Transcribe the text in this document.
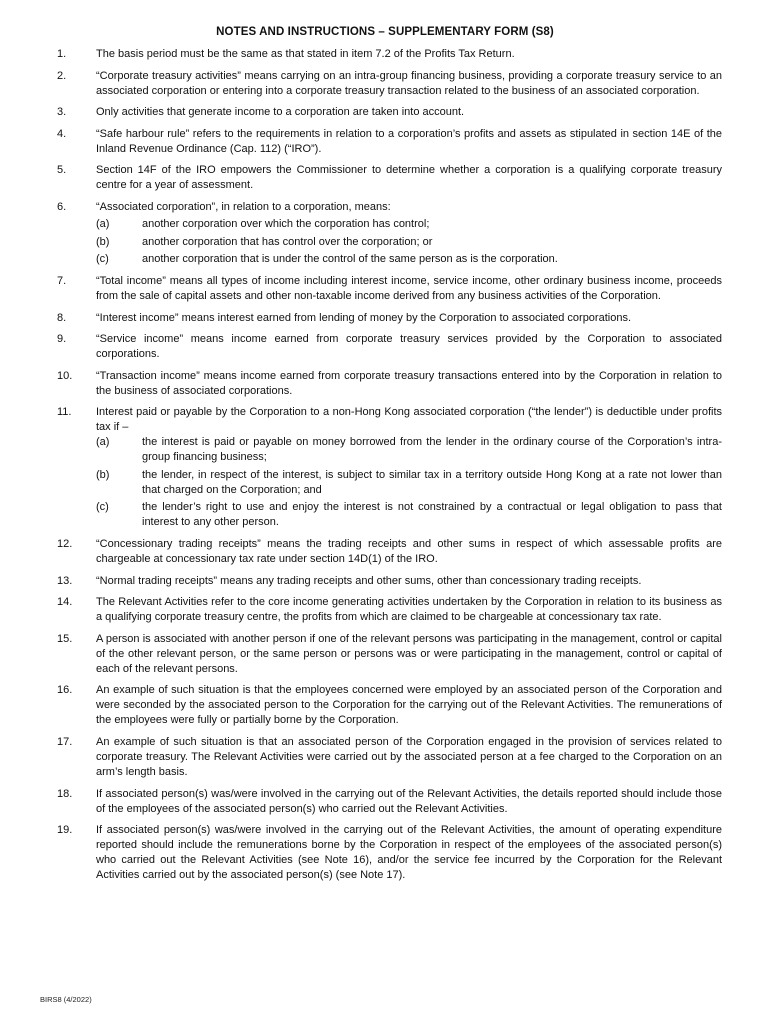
NOTES AND INSTRUCTIONS – SUPPLEMENTARY FORM (S8)
1.	The basis period must be the same as that stated in item 7.2 of the Profits Tax Return.
2.	“Corporate treasury activities” means carrying on an intra-group financing business, providing a corporate treasury service to an associated corporation or entering into a corporate treasury transaction related to the business of an associated corporation.
3.	Only activities that generate income to a corporation are taken into account.
4.	“Safe harbour rule” refers to the requirements in relation to a corporation’s profits and assets as stipulated in section 14E of the Inland Revenue Ordinance (Cap. 112) (“IRO”).
5.	Section 14F of the IRO empowers the Commissioner to determine whether a corporation is a qualifying corporate treasury centre for a year of assessment.
6.	“Associated corporation”, in relation to a corporation, means:
(a)	another corporation over which the corporation has control;
(b)	another corporation that has control over the corporation; or
(c)	another corporation that is under the control of the same person as is the corporation.
7.	“Total income” means all types of income including interest income, service income, other ordinary business income, proceeds from the sale of capital assets and other non-taxable income derived from any business activities of the Corporation.
8.	“Interest income” means interest earned from lending of money by the Corporation to associated corporations.
9.	“Service income” means income earned from corporate treasury services provided by the Corporation to associated corporations.
10.	“Transaction income” means income earned from corporate treasury transactions entered into by the Corporation in relation to the business of associated corporations.
11.	Interest paid or payable by the Corporation to a non-Hong Kong associated corporation (“the lender”) is deductible under profits tax if –
(a)	the interest is paid or payable on money borrowed from the lender in the ordinary course of the Corporation’s intra-group financing business;
(b)	the lender, in respect of the interest, is subject to similar tax in a territory outside Hong Kong at a rate not lower than that charged on the Corporation; and
(c)	the lender’s right to use and enjoy the interest is not constrained by a contractual or legal obligation to pass that interest to any other person.
12.	“Concessionary trading receipts” means the trading receipts and other sums in respect of which assessable profits are chargeable at concessionary tax rate under section 14D(1) of the IRO.
13.	“Normal trading receipts” means any trading receipts and other sums, other than concessionary trading receipts.
14.	The Relevant Activities refer to the core income generating activities undertaken by the Corporation in relation to its business as a qualifying corporate treasury centre, the profits from which are claimed to be chargeable at concessionary tax rate.
15.	A person is associated with another person if one of the relevant persons was participating in the management, control or capital of the other relevant person, or the same person or persons was or were participating in the management, control or capital of each of the relevant persons.
16.	An example of such situation is that the employees concerned were employed by an associated person of the Corporation and were seconded by the associated person to the Corporation for the carrying out of the Relevant Activities. The remunerations of the employees were fully or partially borne by the Corporation.
17.	An example of such situation is that an associated person of the Corporation engaged in the provision of services related to corporate treasury. The Relevant Activities were carried out by the associated person at a fee charged to the Corporation on an arm’s length basis.
18.	If associated person(s) was/were involved in the carrying out of the Relevant Activities, the details reported should include those of the employees of the associated person(s) who carried out the Relevant Activities.
19.	If associated person(s) was/were involved in the carrying out of the Relevant Activities, the amount of operating expenditure reported should include the remunerations borne by the Corporation in respect of the employees of the associated person(s) who carried out the Relevant Activities (see Note 16), and/or the service fee incurred by the Corporation for the Relevant Activities carried out by the associated person(s) (see Note 17).
BIRS8 (4/2022)
